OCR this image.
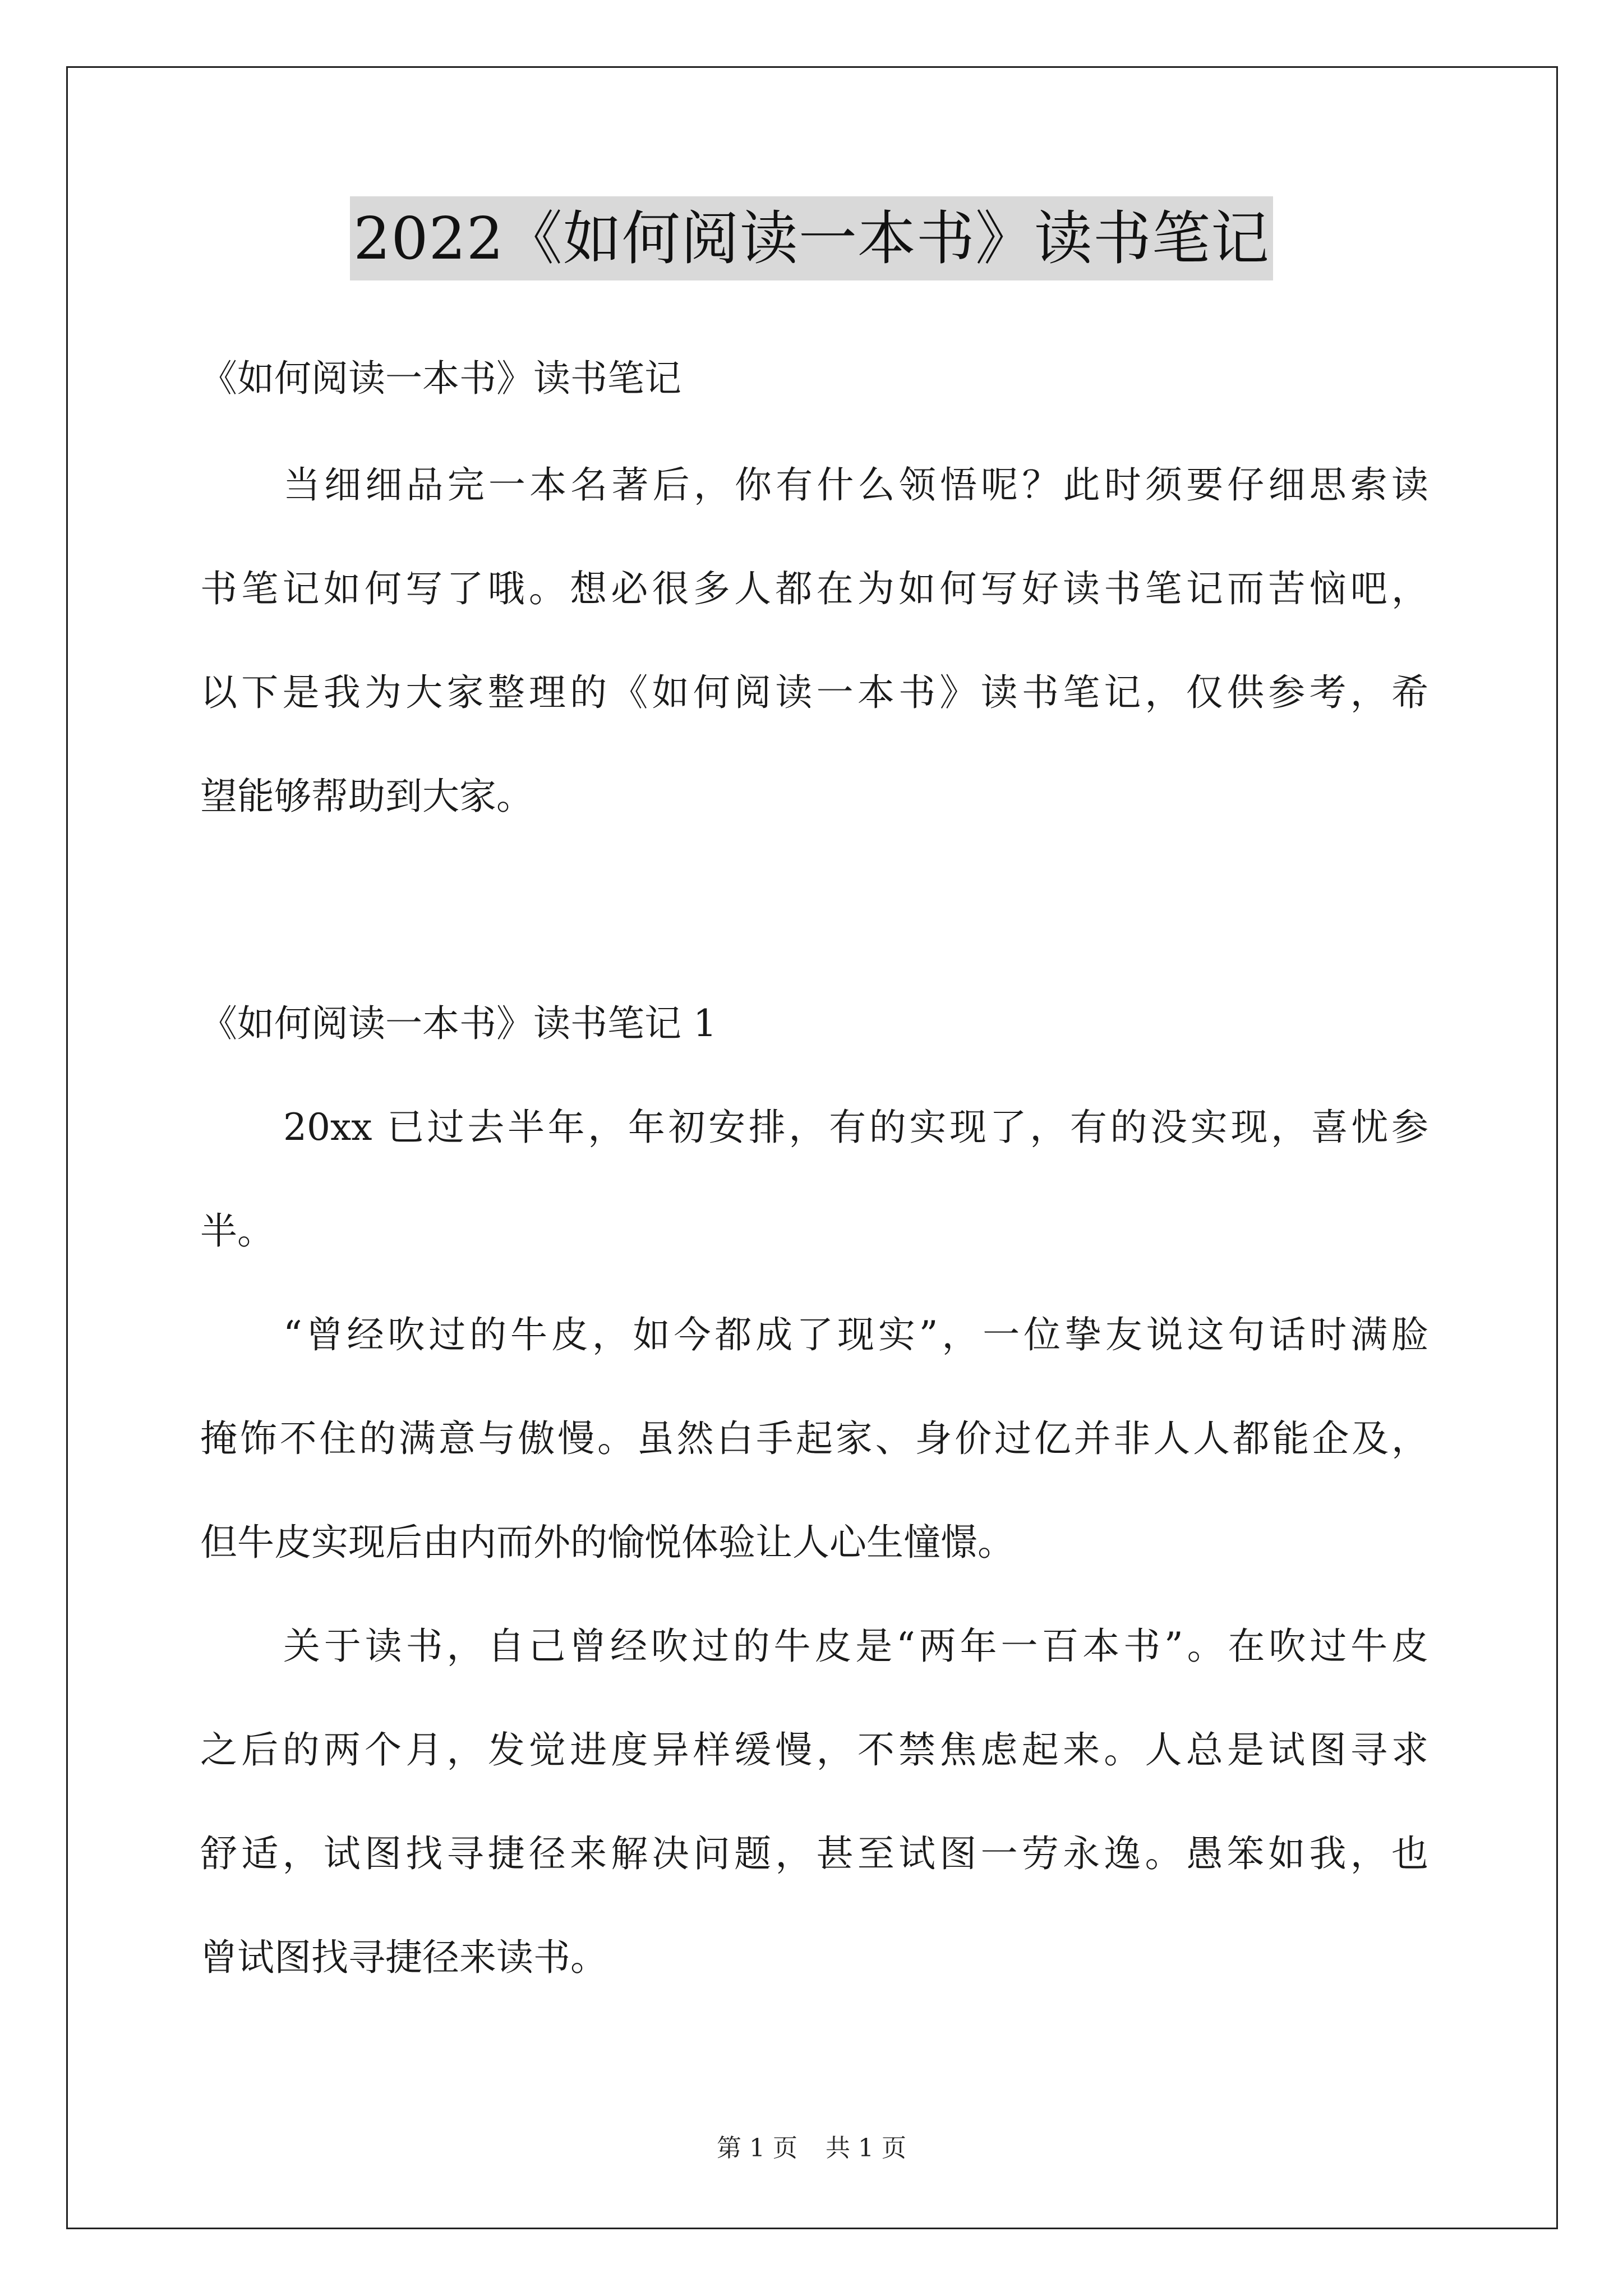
2022《如何阅读一本书》读书笔记
《如何阅读一本书》读书笔记
当细细品完一本名著后，你有什么领悟呢？此时须要仔细思索读
书笔记如何写了哦。想必很多人都在为如何写好读书笔记而苦恼吧，
以下是我为大家整理的《如何阅读一本书》读书笔记，仅供参考，希
望能够帮助到大家。
《如何阅读一本书》读书笔记 1
20xx 已过去半年，年初安排，有的实现了，有的没实现，喜忧参
半。
“曾经吹过的牛皮，如今都成了现实”，一位挚友说这句话时满脸
掩饰不住的满意与傲慢。虽然白手起家、身价过亿并非人人都能企及，
但牛皮实现后由内而外的愉悦体验让人心生憧憬。
关于读书，自己曾经吹过的牛皮是“两年一百本书”。在吹过牛皮
之后的两个月，发觉进度异样缓慢，不禁焦虑起来。人总是试图寻求
舒适，试图找寻捷径来解决问题，甚至试图一劳永逸。愚笨如我，也
曾试图找寻捷径来读书。
第 1 页 共 1 页
